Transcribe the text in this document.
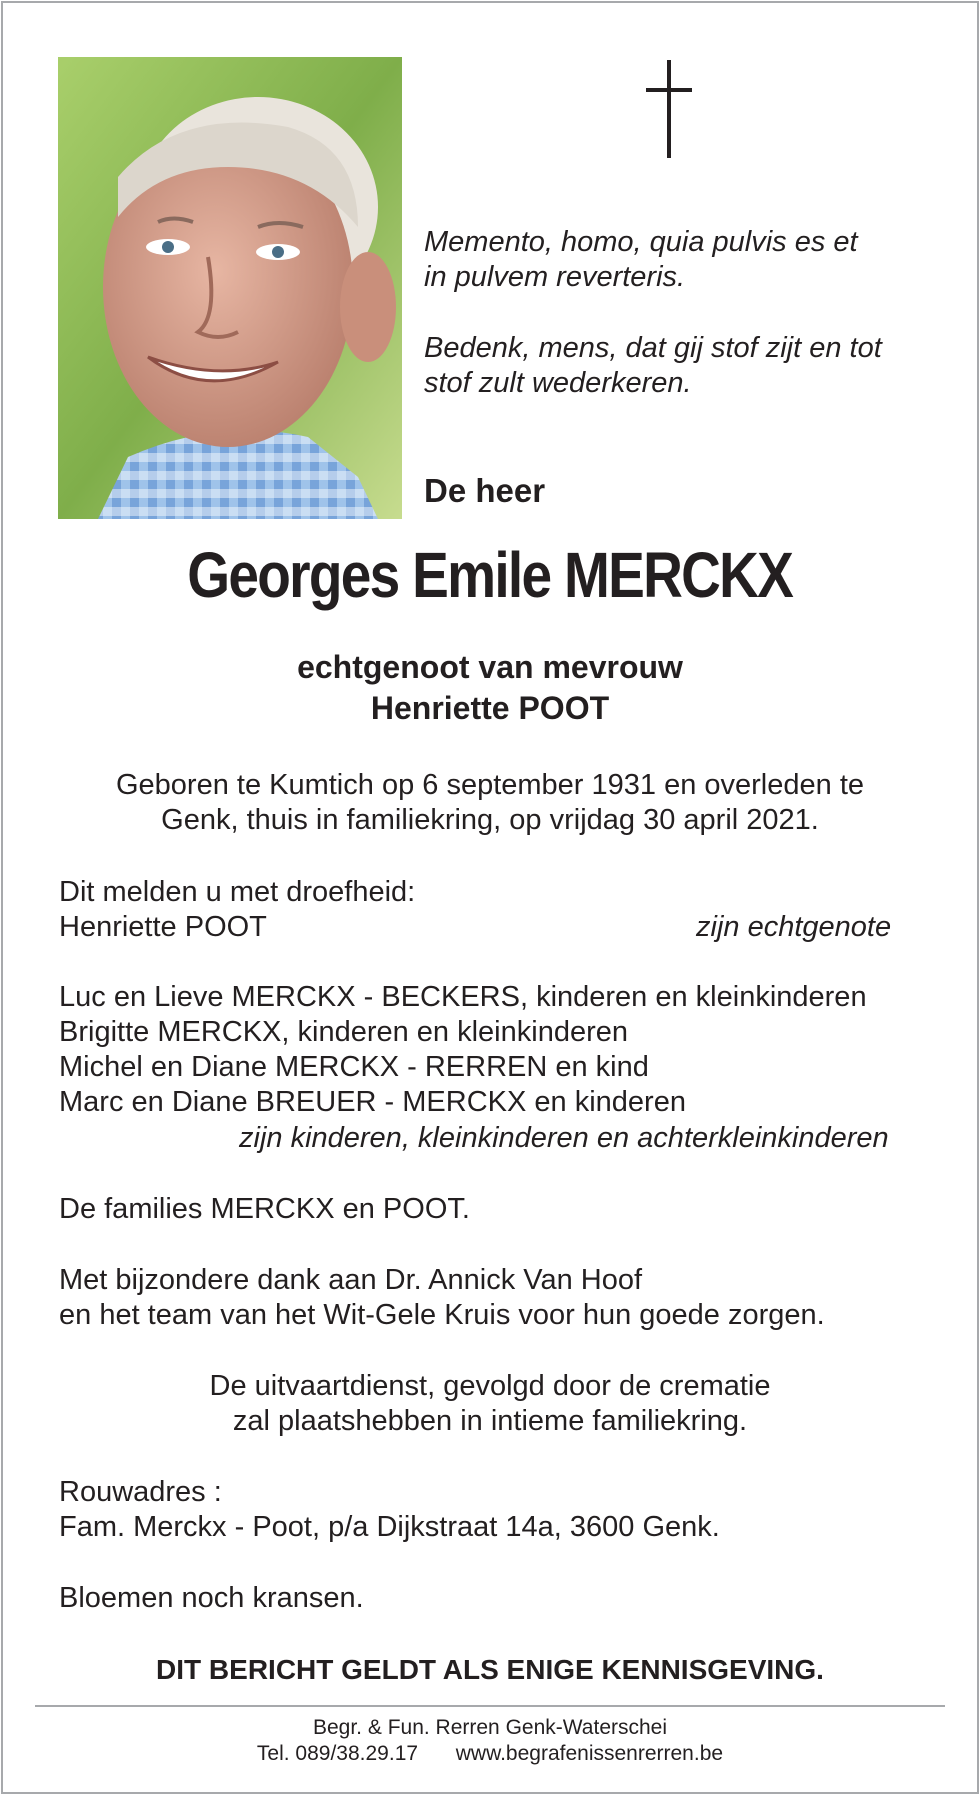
Memento, homo, quia pulvis es et
in pulvem reverteris.
Bedenk, mens, dat gij stof zijt en tot
stof zult wederkeren.
De heer
Georges Emile MERCKX
echtgenoot van mevrouw
Henriette POOT
Geboren te Kumtich op 6 september 1931 en overleden te
Genk, thuis in familiekring, op vrijdag 30 april 2021.
Dit melden u met droefheid:
Henriette POOT	zijn echtgenote
Luc en Lieve MERCKX - BECKERS, kinderen en kleinkinderen
Brigitte MERCKX, kinderen en kleinkinderen
Michel en Diane MERCKX - RERREN en kind
Marc en Diane BREUER - MERCKX en kinderen
zijn kinderen, kleinkinderen en achterkleinkinderen
De families MERCKX en POOT.
Met bijzondere dank aan Dr. Annick Van Hoof
en het team van het Wit-Gele Kruis voor hun goede zorgen.
De uitvaartdienst, gevolgd door de crematie
zal plaatshebben in intieme familiekring.
Rouwadres :
Fam. Merckx - Poot, p/a Dijkstraat 14a, 3600 Genk.
Bloemen noch kransen.
DIT BERICHT GELDT ALS ENIGE KENNISGEVING.
Begr. & Fun. Rerren Genk-Waterschei
Tel. 089/38.29.17 www.begrafenissenrerren.be
